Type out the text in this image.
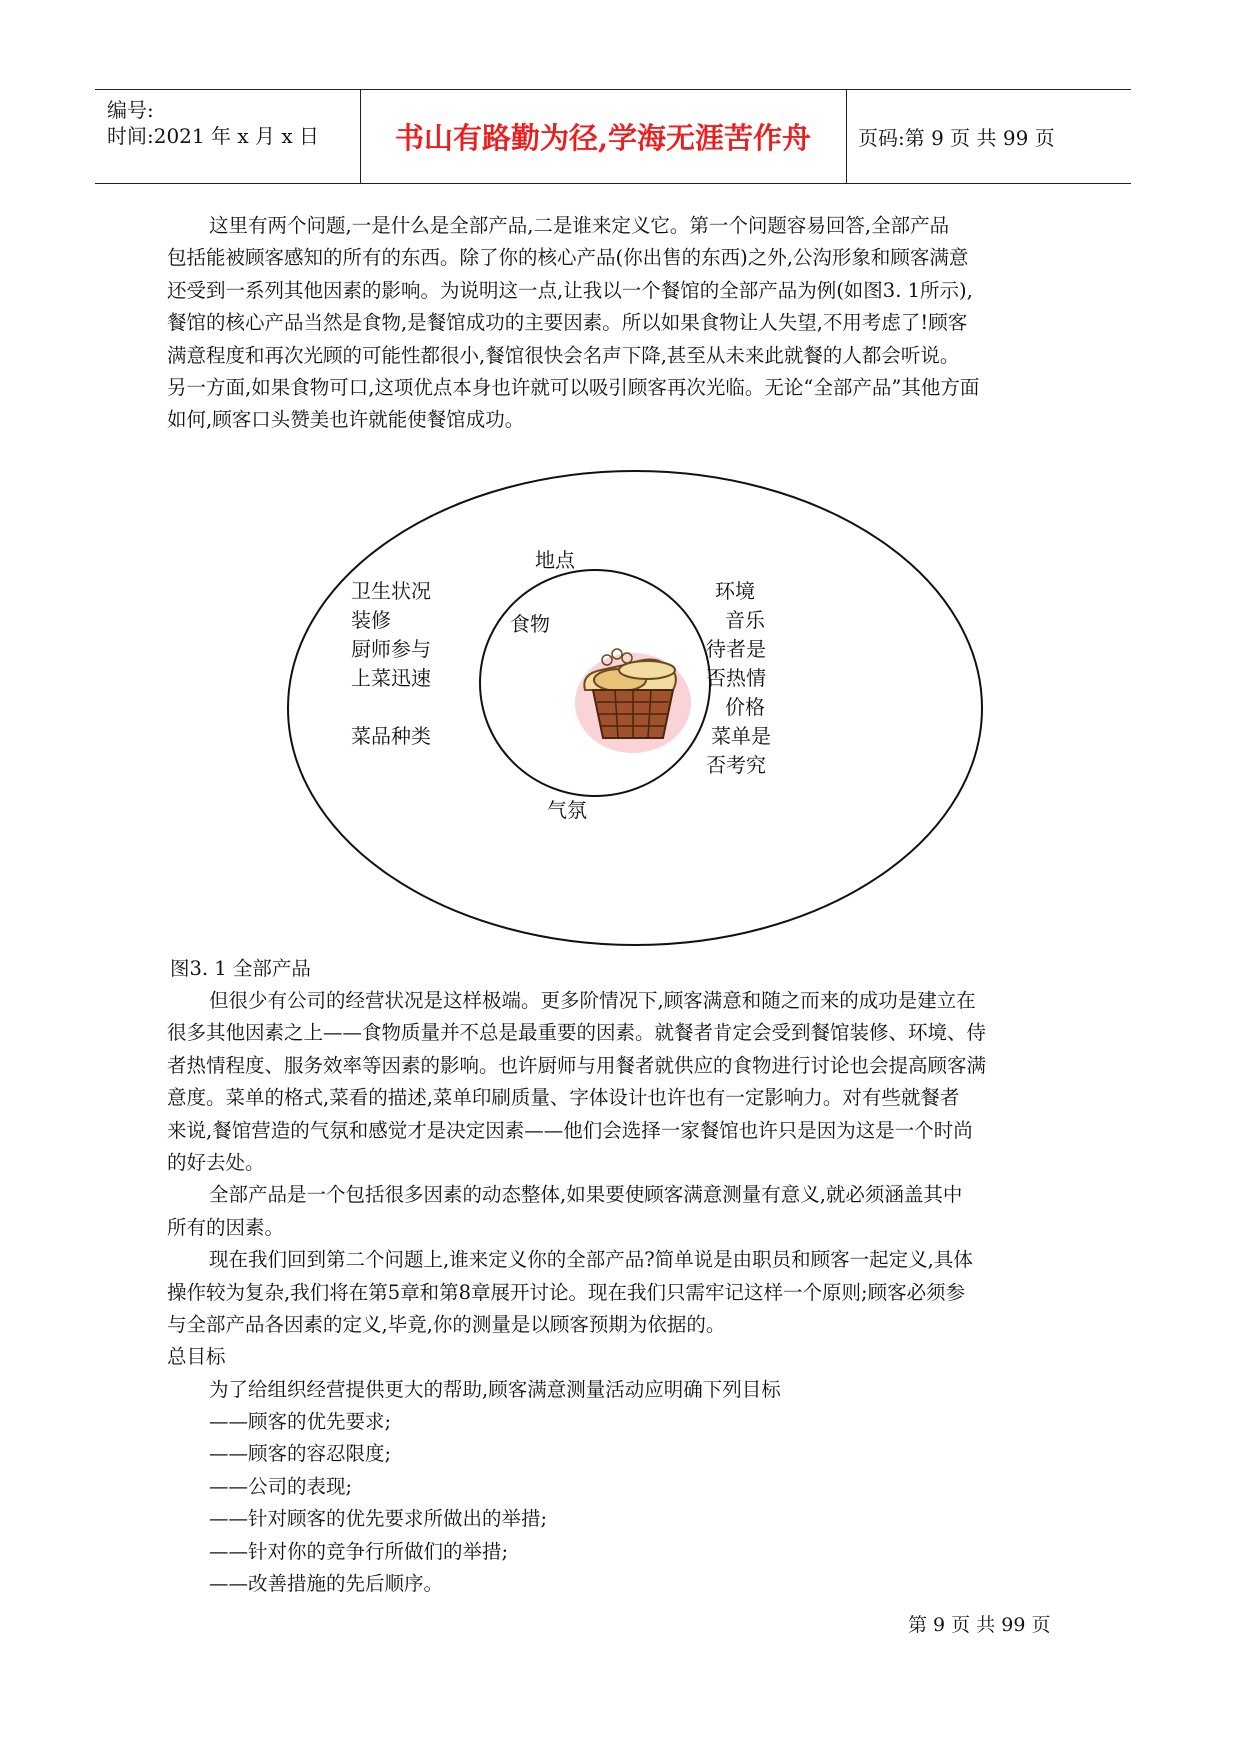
编号:
时间:2021 年 x 月 x 日	书山有路勤为径,学海无涯苦作舟	页码:第 9 页 共 99 页
这里有两个问题,一是什么是全部产品,二是谁来定义它。第一个问题容易回答,全部产品
包括能被顾客感知的所有的东西。除了你的核心产品(你出售的东西)之外,公沟形象和顾客满意
还受到一系列其他因素的影响。为说明这一点,让我以一个餐馆的全部产品为例(如图3. 1所示),
餐馆的核心产品当然是食物,是餐馆成功的主要因素。所以如果食物让人失望,不用考虑了!顾客
满意程度和再次光顾的可能性都很小,餐馆很快会名声下降,甚至从未来此就餐的人都会听说。
另一方面,如果食物可口,这项优点本身也许就可以吸引顾客再次光临。无论“全部产品”其他方面
如何,顾客口头赞美也许就能使餐馆成功。
地点
食物
气氛
卫生状况
装修
厨师参与
上菜迅速
菜品种类
环境
音乐
待者是
否热情
价格
菜单是
否考究
图3. 1 全部产品
但很少有公司的经营状况是这样极端。更多阶情况下,顾客满意和随之而来的成功是建立在
很多其他因素之上——食物质量并不总是最重要的因素。就餐者肯定会受到餐馆装修、环境、侍
者热情程度、服务效率等因素的影响。也许厨师与用餐者就供应的食物进行讨论也会提高顾客满
意度。菜单的格式,菜看的描述,菜单印刷质量、字体设计也许也有一定影响力。对有些就餐者
来说,餐馆营造的气氛和感觉才是决定因素——他们会选择一家餐馆也许只是因为这是一个时尚
的好去处。
全部产品是一个包括很多因素的动态整体,如果要使顾客满意测量有意义,就必须涵盖其中
所有的因素。
现在我们回到第二个问题上,谁来定义你的全部产品?简单说是由职员和顾客一起定义,具体
操作较为复杂,我们将在第5章和第8章展开讨论。现在我们只需牢记这样一个原则;顾客必须参
与全部产品各因素的定义,毕竟,你的测量是以顾客预期为依据的。
总目标
为了给组织经营提供更大的帮助,顾客满意测量活动应明确下列目标
——顾客的优先要求;
——顾客的容忍限度;
——公司的表现;
——针对顾客的优先要求所做出的举措;
——针对你的竞争行所做们的举措;
——改善措施的先后顺序。
第 9 页 共 99 页
